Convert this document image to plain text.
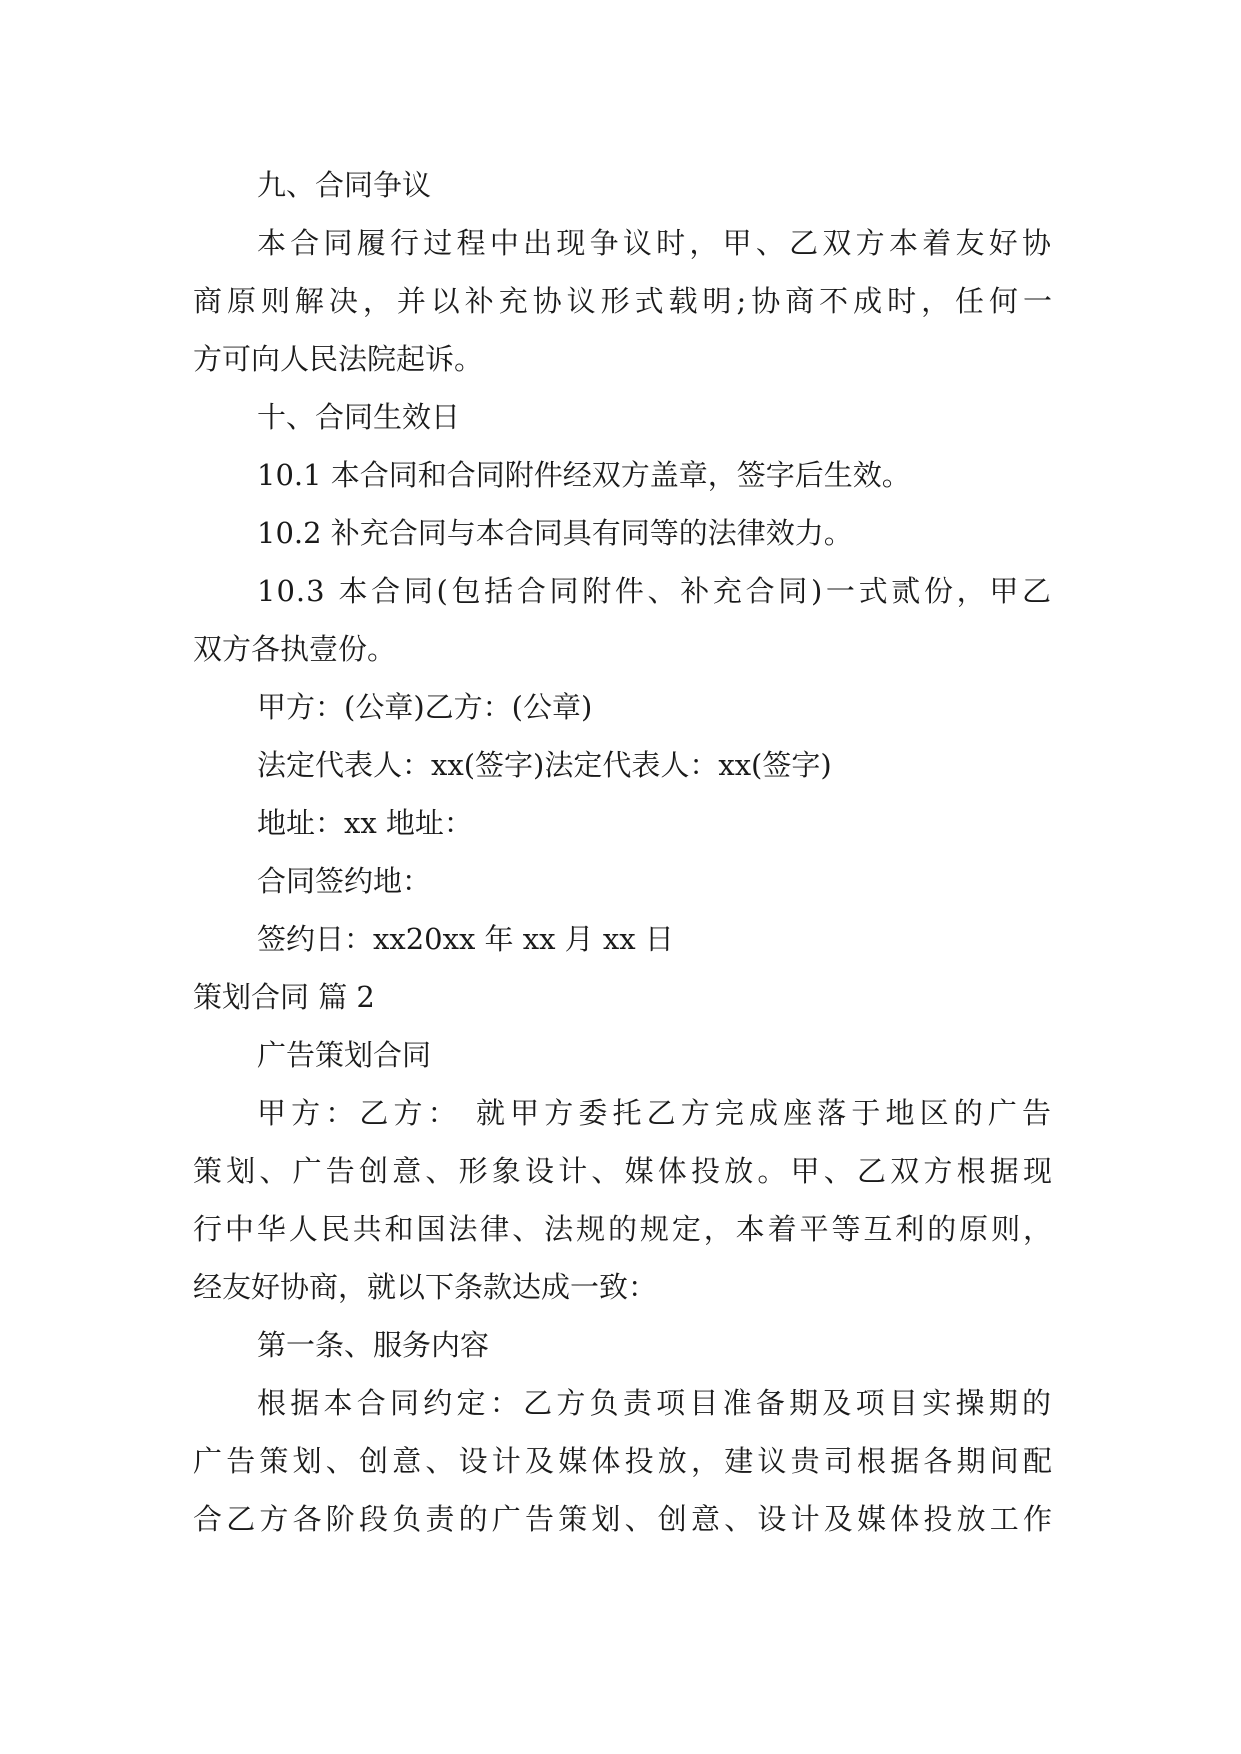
九、合同争议
本合同履行过程中出现争议时，甲、乙双方本着友好协
商原则解决，并以补充协议形式载明;协商不成时，任何一
方可向人民法院起诉。
十、合同生效日
10.1 本合同和合同附件经双方盖章，签字后生效。
10.2 补充合同与本合同具有同等的法律效力。
10.3 本合同(包括合同附件、补充合同)一式贰份，甲乙
双方各执壹份。
甲方：(公章)乙方：(公章)
法定代表人：xx(签字)法定代表人：xx(签字)
地址：xx 地址：
合同签约地：
签约日：xx20xx 年 xx 月 xx 日
策划合同 篇 2
广告策划合同
甲方：乙方： 就甲方委托乙方完成座落于地区的广告
策划、广告创意、形象设计、媒体投放。甲、乙双方根据现
行中华人民共和国法律、法规的规定，本着平等互利的原则，
经友好协商，就以下条款达成一致：
第一条、服务内容
根据本合同约定：乙方负责项目准备期及项目实操期的
广告策划、创意、设计及媒体投放，建议贵司根据各期间配
合乙方各阶段负责的广告策划、创意、设计及媒体投放工作
